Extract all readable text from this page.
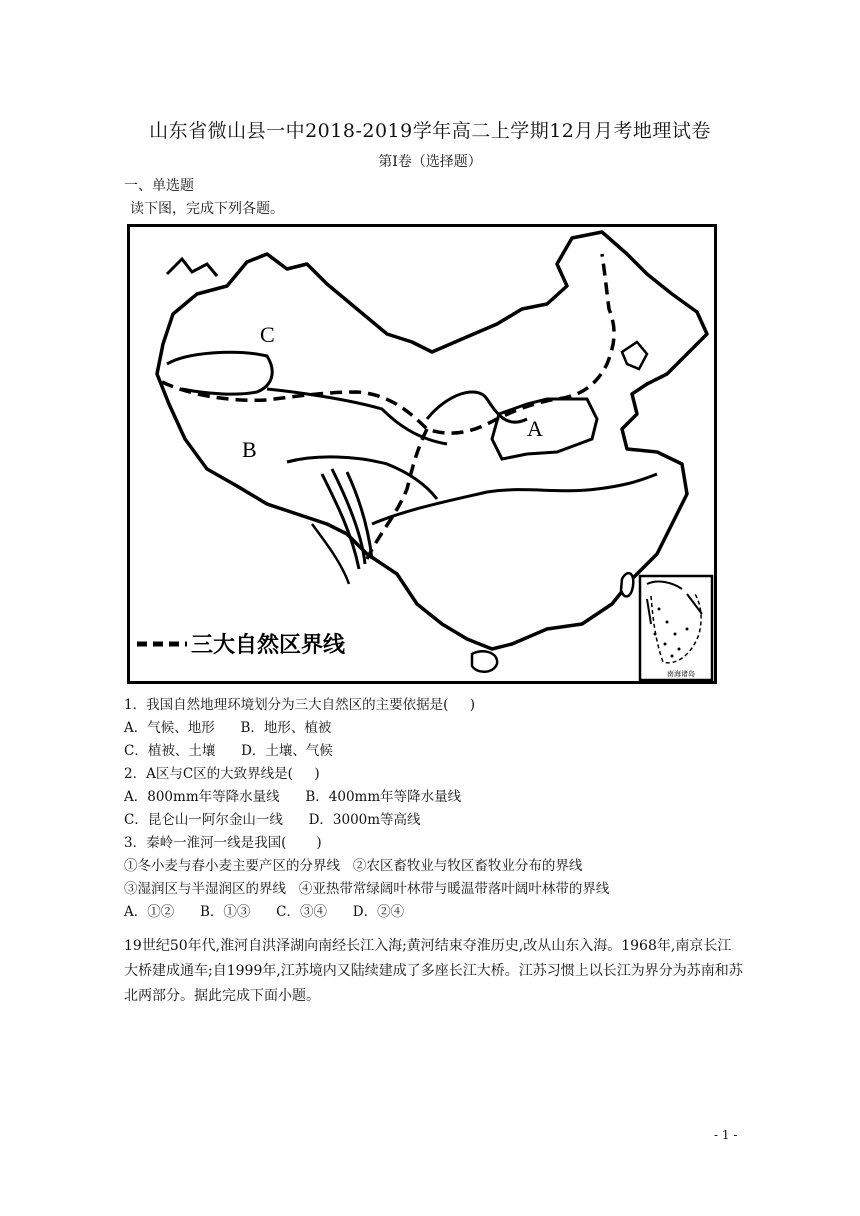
山东省微山县一中2018-2019学年高二上学期12月月考地理试卷
第I卷（选择题）
一、单选题
读下图，完成下列各题。
C
B
A
三大自然区界线
南海诸岛
1．我国自然地理环境划分为三大自然区的主要依据是(     )
A．气候、地形      B．地形、植被
C．植被、土壤      D．土壤、气候
2．A区与C区的大致界线是(     )
A．800mm年等降水量线      B．400mm年等降水量线
C．昆仑山一阿尔金山一线      D．3000m等高线
3．秦岭一淮河一线是我国(       )
①冬小麦与春小麦主要产区的分界线   ②农区畜牧业与牧区畜牧业分布的界线
③湿润区与半湿润区的界线   ④亚热带常绿阔叶林带与暖温带落叶阔叶林带的界线
A．①②      B．①③      C．③④      D．②④
19世纪50年代,淮河自洪泽湖向南经长江入海;黄河结束夺淮历史,改从山东入海。1968年,南京长江大桥建成通车;自1999年,江苏境内又陆续建成了多座长江大桥。江苏习惯上以长江为界分为苏南和苏北两部分。据此完成下面小题。
- 1 -
